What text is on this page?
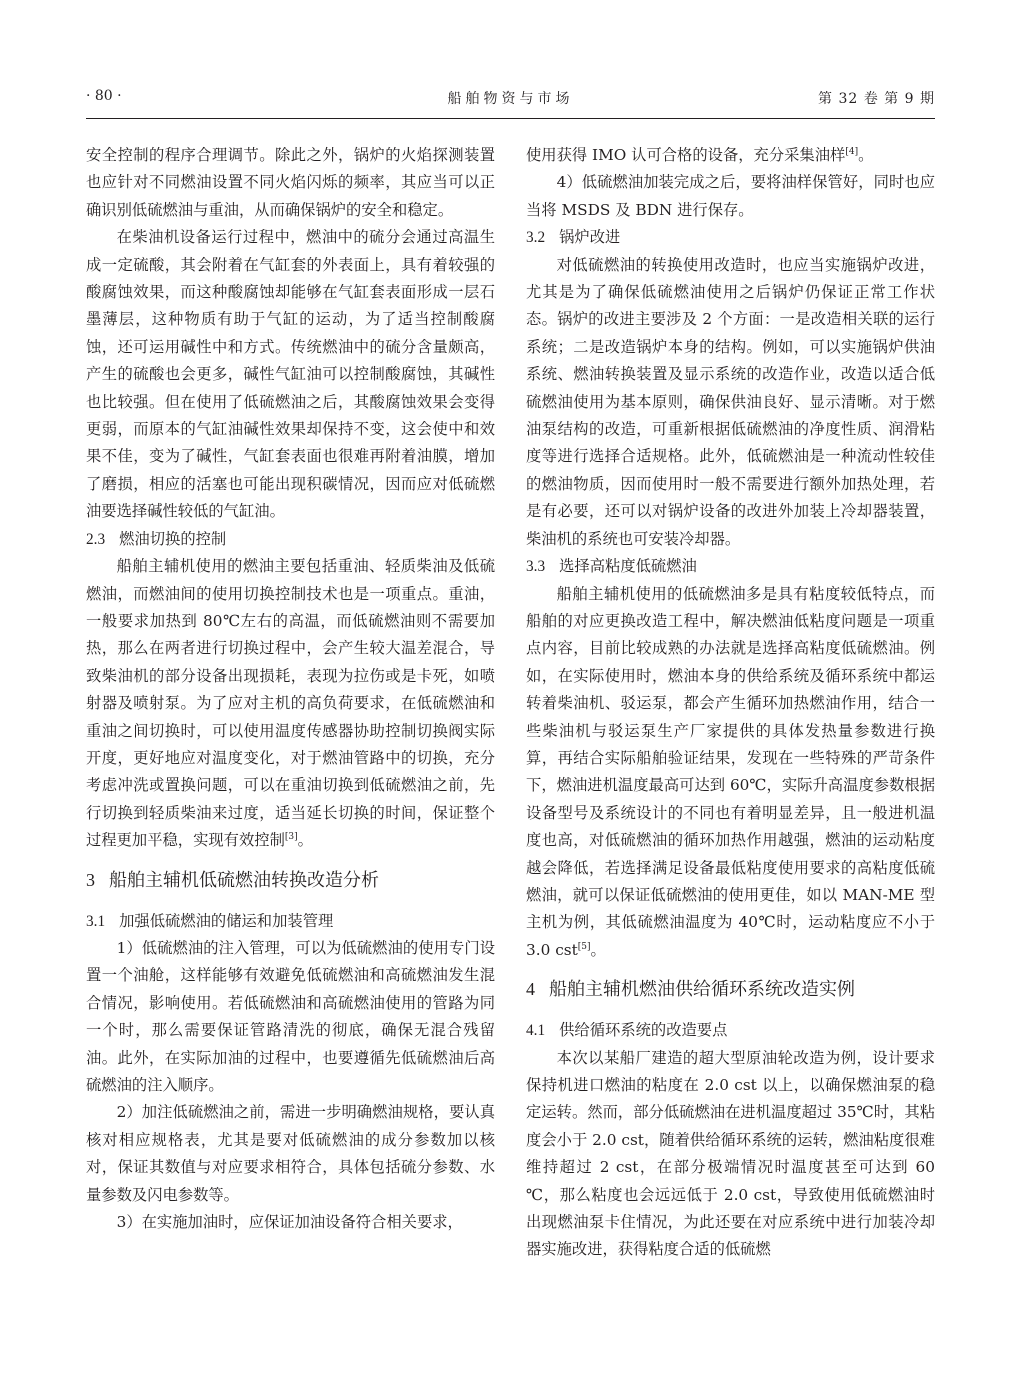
· 80 ·	船舶物资与市场	第 32 卷 第 9 期

安全控制的程序合理调节。除此之外，锅炉的火焰探测装置也应针对不同燃油设置不同火焰闪烁的频率，其应当可以正确识别低硫燃油与重油，从而确保锅炉的安全和稳定。

在柴油机设备运行过程中，燃油中的硫分会通过高温生成一定硫酸，其会附着在气缸套的外表面上，具有着较强的酸腐蚀效果，而这种酸腐蚀却能够在气缸套表面形成一层石墨薄层，这种物质有助于气缸的运动，为了适当控制酸腐蚀，还可运用碱性中和方式。传统燃油中的硫分含量颇高，产生的硫酸也会更多，碱性气缸油可以控制酸腐蚀，其碱性也比较强。但在使用了低硫燃油之后，其酸腐蚀效果会变得更弱，而原本的气缸油碱性效果却保持不变，这会使中和效果不佳，变为了碱性，气缸套表面也很难再附着油膜，增加了磨损，相应的活塞也可能出现积碳情况，因而应对低硫燃油要选择碱性较低的气缸油。

2.3 燃油切换的控制

船舶主辅机使用的燃油主要包括重油、轻质柴油及低硫燃油，而燃油间的使用切换控制技术也是一项重点。重油，一般要求加热到 80℃左右的高温，而低硫燃油则不需要加热，那么在两者进行切换过程中，会产生较大温差混合，导致柴油机的部分设备出现损耗，表现为拉伤或是卡死，如喷射器及喷射泵。为了应对主机的高负荷要求，在低硫燃油和重油之间切换时，可以使用温度传感器协助控制切换阀实际开度，更好地应对温度变化，对于燃油管路中的切换，充分考虑冲洗或置换问题，可以在重油切换到低硫燃油之前，先行切换到轻质柴油来过度，适当延长切换的时间，保证整个过程更加平稳，实现有效控制[3]。

3 船舶主辅机低硫燃油转换改造分析
3.1 加强低硫燃油的储运和加装管理

1）低硫燃油的注入管理，可以为低硫燃油的使用专门设置一个油舱，这样能够有效避免低硫燃油和高硫燃油发生混合情况，影响使用。若低硫燃油和高硫燃油使用的管路为同一个时，那么需要保证管路清洗的彻底，确保无混合残留油。此外，在实际加油的过程中，也要遵循先低硫燃油后高硫燃油的注入顺序。

2）加注低硫燃油之前，需进一步明确燃油规格，要认真核对相应规格表，尤其是要对低硫燃油的成分参数加以核对，保证其数值与对应要求相符合，具体包括硫分参数、水量参数及闪电参数等。

3）在实施加油时，应保证加油设备符合相关要求，

使用获得 IMO 认可合格的设备，充分采集油样[4]。

4）低硫燃油加装完成之后，要将油样保管好，同时也应当将 MSDS 及 BDN 进行保存。

3.2 锅炉改进

对低硫燃油的转换使用改造时，也应当实施锅炉改进，尤其是为了确保低硫燃油使用之后锅炉仍保证正常工作状态。锅炉的改进主要涉及 2 个方面：一是改造相关联的运行系统；二是改造锅炉本身的结构。例如，可以实施锅炉供油系统、燃油转换装置及显示系统的改造作业，改造以适合低硫燃油使用为基本原则，确保供油良好、显示清晰。对于燃油泵结构的改造，可重新根据低硫燃油的净度性质、润滑粘度等进行选择合适规格。此外，低硫燃油是一种流动性较佳的燃油物质，因而使用时一般不需要进行额外加热处理，若是有必要，还可以对锅炉设备的改进外加装上冷却器装置，柴油机的系统也可安装冷却器。

3.3 选择高粘度低硫燃油

船舶主辅机使用的低硫燃油多是具有粘度较低特点，而船舶的对应更换改造工程中，解决燃油低粘度问题是一项重点内容，目前比较成熟的办法就是选择高粘度低硫燃油。例如，在实际使用时，燃油本身的供给系统及循环系统中都运转着柴油机、驳运泵，都会产生循环加热燃油作用，结合一些柴油机与驳运泵生产厂家提供的具体发热量参数进行换算，再结合实际船舶验证结果，发现在一些特殊的严苛条件下，燃油进机温度最高可达到 60℃，实际升高温度参数根据设备型号及系统设计的不同也有着明显差异，且一般进机温度也高，对低硫燃油的循环加热作用越强，燃油的运动粘度越会降低，若选择满足设备最低粘度使用要求的高粘度低硫燃油，就可以保证低硫燃油的使用更佳，如以 MAN-ME 型主机为例，其低硫燃油温度为 40℃时，运动粘度应不小于 3.0 cst[5]。

4 船舶主辅机燃油供给循环系统改造实例
4.1 供给循环系统的改造要点

本次以某船厂建造的超大型原油轮改造为例，设计要求保持机进口燃油的粘度在 2.0 cst 以上，以确保燃油泵的稳定运转。然而，部分低硫燃油在进机温度超过 35℃时，其粘度会小于 2.0 cst，随着供给循环系统的运转，燃油粘度很难维持超过 2 cst，在部分极端情况时温度甚至可达到 60 ℃，那么粘度也会远远低于 2.0 cst，导致使用低硫燃油时出现燃油泵卡住情况，为此还要在对应系统中进行加装冷却器实施改进，获得粘度合适的低硫燃
